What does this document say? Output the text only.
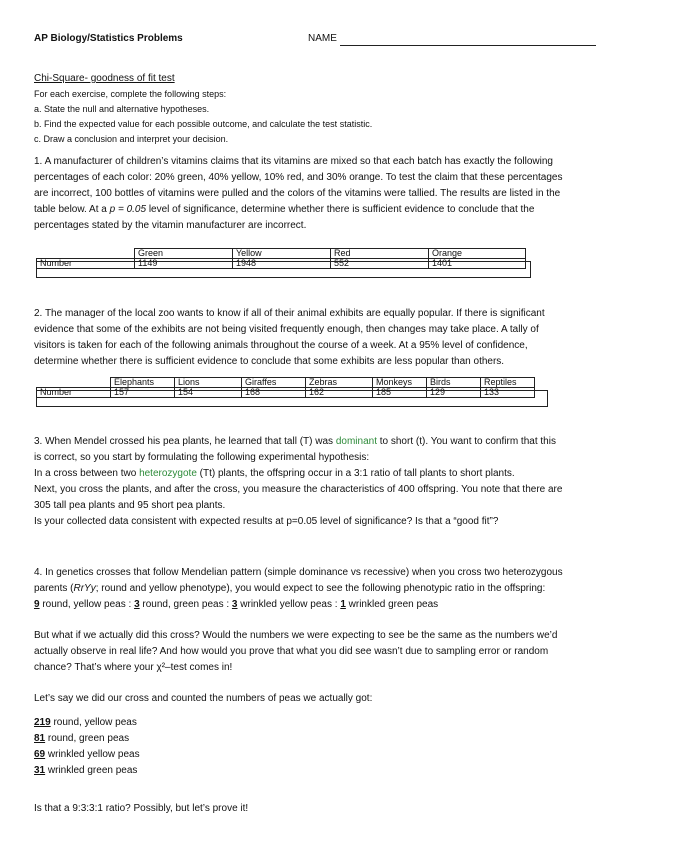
AP Biology/Statistics Problems	NAME
Chi-Square- goodness of fit test
For each exercise, complete the following steps:
a. State the null and alternative hypotheses.
b. Find the expected value for each possible outcome, and calculate the test statistic.
c. Draw a conclusion and interpret your decision.
1. A manufacturer of children’s vitamins claims that its vitamins are mixed so that each batch has exactly the following
percentages of each color: 20% green, 40% yellow, 10% red, and 30% orange. To test the claim that these percentages
are incorrect, 100 bottles of vitamins were pulled and the colors of the vitamins were tallied. The results are listed in the
table below. At a p = 0.05 level of significance, determine whether there is sufficient evidence to conclude that the
percentages stated by the vitamin manufacturer are incorrect.
	Green	Yellow	Red	Orange
Number	1149	1948	552	1401
2. The manager of the local zoo wants to know if all of their animal exhibits are equally popular. If there is significant
evidence that some of the exhibits are not being visited frequently enough, then changes may take place. A tally of
visitors is taken for each of the following animals throughout the course of a week. At a 95% level of confidence,
determine whether there is sufficient evidence to conclude that some exhibits are less popular than others.
	Elephants	Lions	Giraffes	Zebras	Monkeys	Birds	Reptiles
Number	157	154	168	162	185	129	133
3. When Mendel crossed his pea plants, he learned that tall (T) was dominant to short (t). You want to confirm that this
is correct, so you start by formulating the following experimental hypothesis:
In a cross between two heterozygote (Tt) plants, the offspring occur in a 3:1 ratio of tall plants to short plants.
Next, you cross the plants, and after the cross, you measure the characteristics of 400 offspring. You note that there are
305 tall pea plants and 95 short pea plants.
Is your collected data consistent with expected results at p=0.05 level of significance? Is that a “good fit”?
4. In genetics crosses that follow Mendelian pattern (simple dominance vs recessive) when you cross two heterozygous
parents (RrYy; round and yellow phenotype), you would expect to see the following phenotypic ratio in the offspring:
9 round, yellow peas : 3 round, green peas : 3 wrinkled yellow peas : 1 wrinkled green peas
But what if we actually did this cross? Would the numbers we were expecting to see be the same as the numbers we’d
actually observe in real life? And how would you prove that what you did see wasn’t due to sampling error or random
chance? That’s where your χ²–test comes in!
Let’s say we did our cross and counted the numbers of peas we actually got:
219 round, yellow peas
81 round, green peas
69 wrinkled yellow peas
31 wrinkled green peas
Is that a 9:3:3:1 ratio? Possibly, but let’s prove it!
